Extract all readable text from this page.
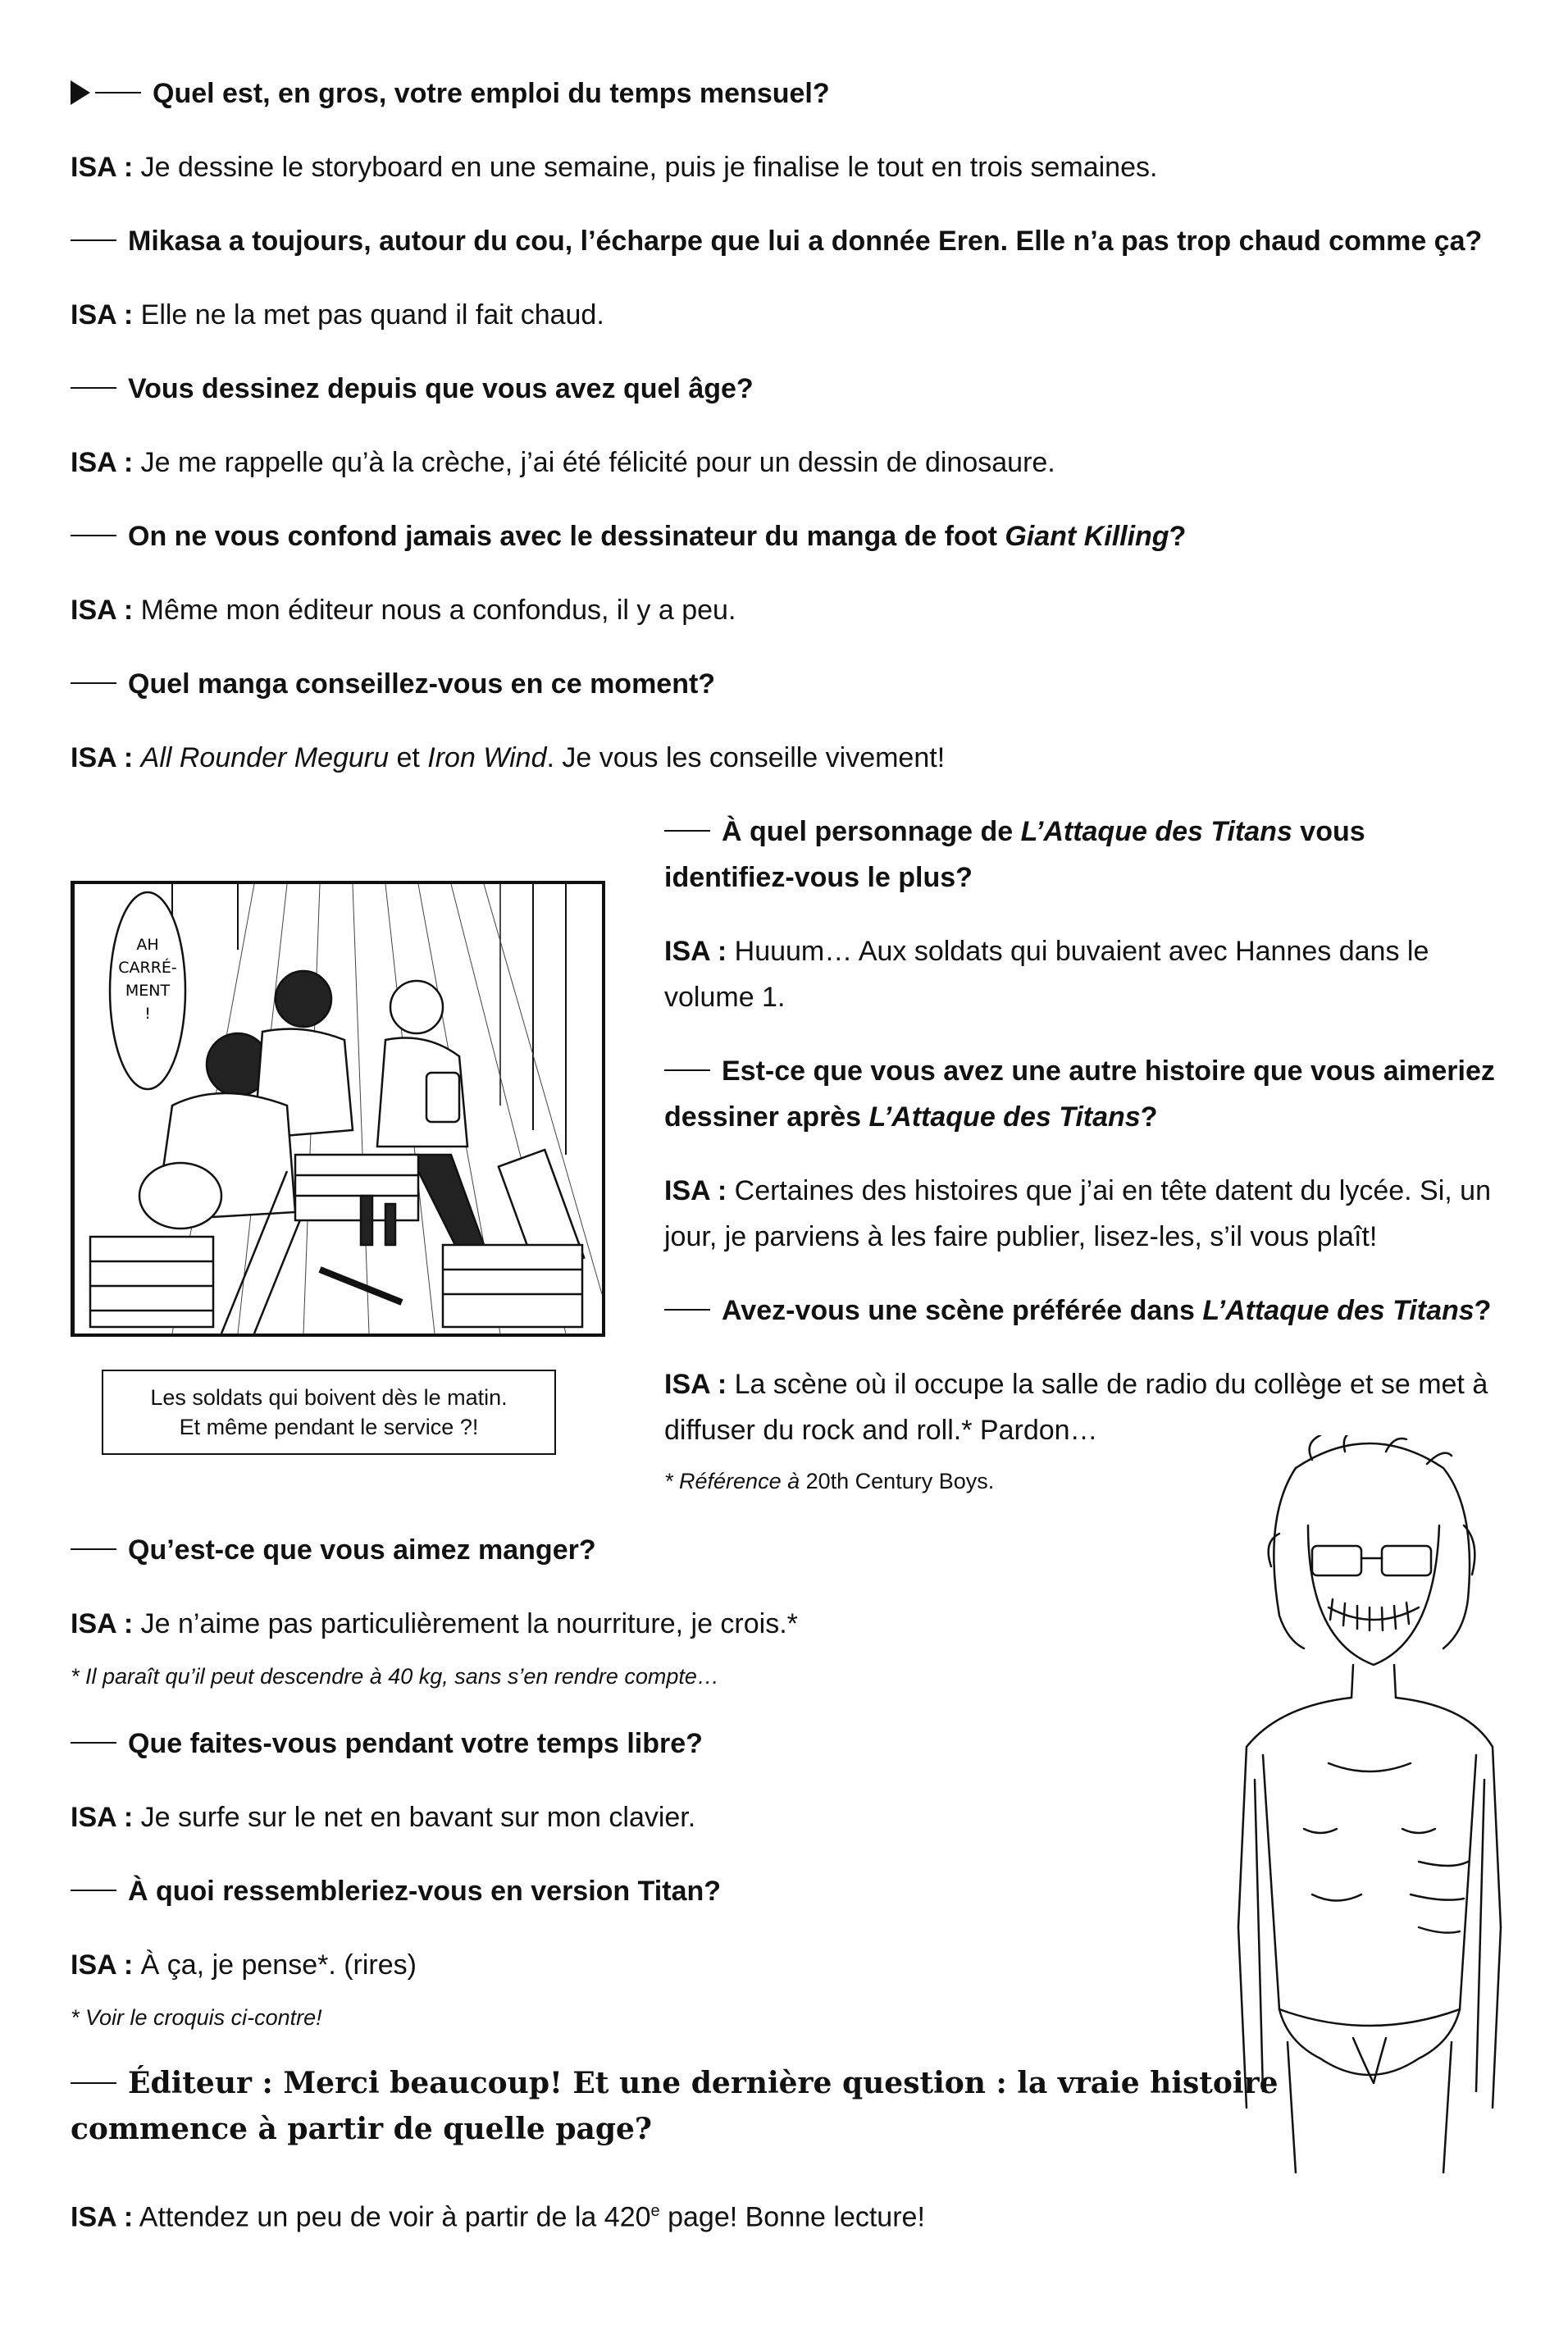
Quel est, en gros, votre emploi du temps mensuel?
ISA : Je dessine le storyboard en une semaine, puis je finalise le tout en trois semaines.
Mikasa a toujours, autour du cou, l’écharpe que lui a donnée Eren. Elle n’a pas trop chaud comme ça?
ISA : Elle ne la met pas quand il fait chaud.
Vous dessinez depuis que vous avez quel âge?
ISA : Je me rappelle qu’à la crèche, j’ai été félicité pour un dessin de dinosaure.
On ne vous confond jamais avec le dessinateur du manga de foot Giant Killing?
ISA : Même mon éditeur nous a confondus, il y a peu.
Quel manga conseillez-vous en ce moment?
ISA : All Rounder Meguru et Iron Wind. Je vous les conseille vivement!
AH
CARRÉ-
MENT
!
Les soldats qui boivent dès le matin.
Et même pendant le service ?!
À quel personnage de L’Attaque des Titans vous identifiez-vous le plus?
ISA : Huuum… Aux soldats qui buvaient avec Hannes dans le volume 1.
Est-ce que vous avez une autre histoire que vous aimeriez dessiner après L’Attaque des Titans?
ISA : Certaines des histoires que j’ai en tête datent du lycée. Si, un jour, je parviens à les faire publier, lisez-les, s’il vous plaît!
Avez-vous une scène préférée dans L’Attaque des Titans?
ISA : La scène où il occupe la salle de radio du collège et se met à diffuser du rock and roll.* Pardon…
* Référence à 20th Century Boys.
Qu’est-ce que vous aimez manger?
ISA : Je n’aime pas particulièrement la nourriture, je crois.*
* Il paraît qu’il peut descendre à 40 kg, sans s’en rendre compte…
Que faites-vous pendant votre temps libre?
ISA : Je surfe sur le net en bavant sur mon clavier.
À quoi ressembleriez-vous en version Titan?
ISA : À ça, je pense*. (rires)
* Voir le croquis ci-contre!
Éditeur : Merci beaucoup! Et une dernière question : la vraie histoire
commence à partir de quelle page?
ISA : Attendez un peu de voir à partir de la 420e page! Bonne lecture!
